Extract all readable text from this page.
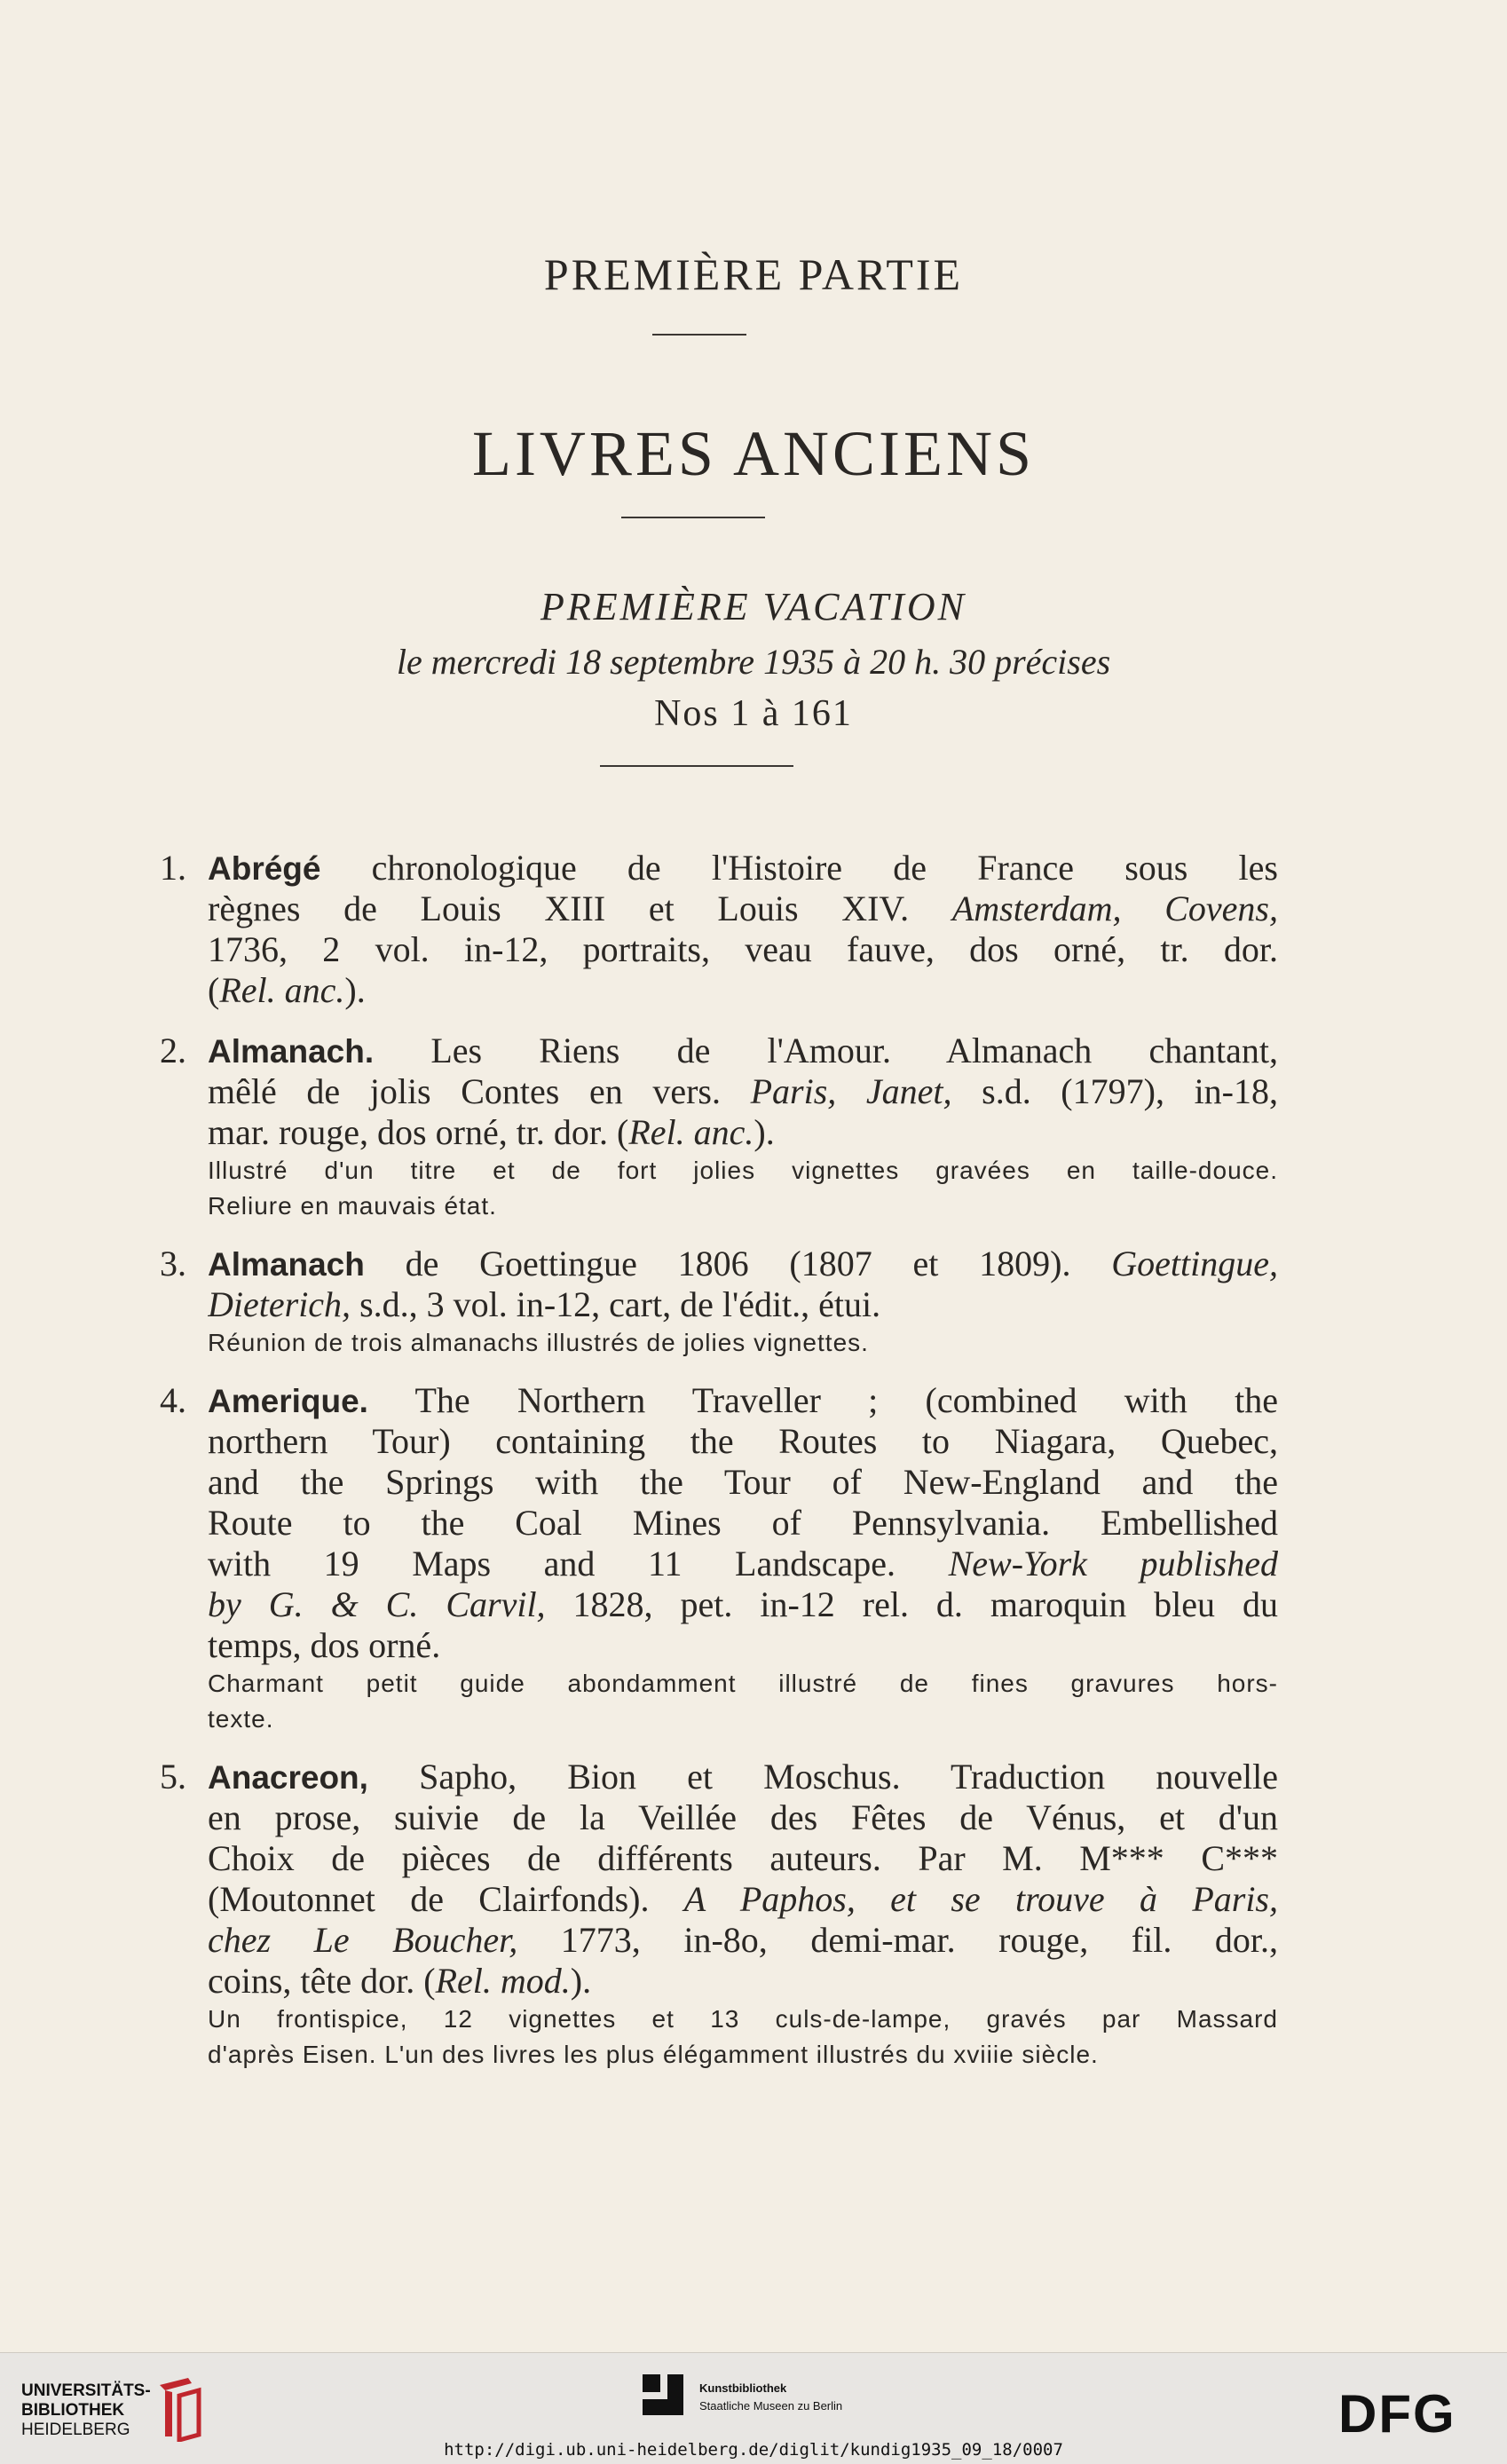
PREMIÈRE PARTIE
LIVRES ANCIENS
PREMIÈRE VACATION
le mercredi 18 septembre 1935 à 20 h. 30 précises
Nos 1 à 161
1. Abrégé chronologique de l'Histoire de France sous les
règnes de Louis XIII et Louis XIV. Amsterdam, Covens,
1736, 2 vol. in-12, portraits, veau fauve, dos orné, tr. dor.
(Rel. anc.).
2. Almanach. Les Riens de l'Amour. Almanach chantant,
mêlé de jolis Contes en vers. Paris, Janet, s.d. (1797), in-18,
mar. rouge, dos orné, tr. dor. (Rel. anc.).
Illustré d'un titre et de fort jolies vignettes gravées en taille-douce.
Reliure en mauvais état.
3. Almanach de Goettingue 1806 (1807 et 1809). Goettingue,
Dieterich, s.d., 3 vol. in-12, cart, de l'édit., étui.
Réunion de trois almanachs illustrés de jolies vignettes.
4. Amerique. The Northern Traveller ; (combined with the
northern Tour) containing the Routes to Niagara, Quebec,
and the Springs with the Tour of New-England and the
Route to the Coal Mines of Pennsylvania. Embellished
with 19 Maps and 11 Landscape. New-York published
by G. & C. Carvil, 1828, pet. in-12 rel. d. maroquin bleu du
temps, dos orné.
Charmant petit guide abondamment illustré de fines gravures hors-
texte.
5. Anacreon, Sapho, Bion et Moschus. Traduction nouvelle
en prose, suivie de la Veillée des Fêtes de Vénus, et d'un
Choix de pièces de différents auteurs. Par M. M*** C***
(Moutonnet de Clairfonds). A Paphos, et se trouve à Paris,
chez Le Boucher, 1773, in-8o, demi-mar. rouge, fil. dor.,
coins, tête dor. (Rel. mod.).
Un frontispice, 12 vignettes et 13 culs-de-lampe, gravés par Massard
d'après Eisen. L'un des livres les plus élégamment illustrés du xviiie siècle.
UNIVERSITÄTS-
BIBLIOTHEK
HEIDELBERG
Kunstbibliothek
Staatliche Museen zu Berlin	DFG
http://digi.ub.uni-heidelberg.de/diglit/kundig1935_09_18/0007
